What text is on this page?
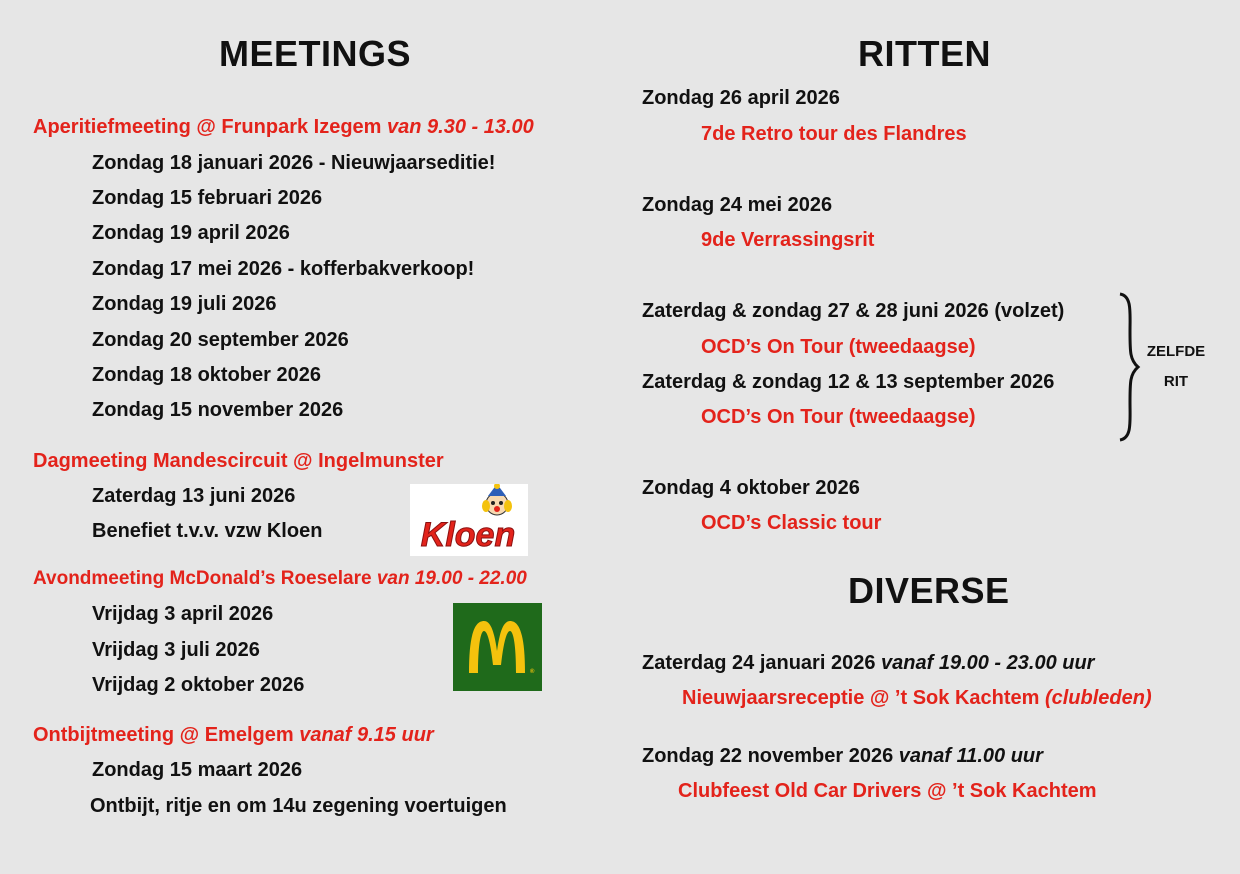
MEETINGS
Aperitiefmeeting @ Frunpark Izegem van 9.30 - 13.00
Zondag 18 januari 2026 - Nieuwjaarseditie!
Zondag 15 februari 2026
Zondag 19 april 2026
Zondag 17 mei 2026 - kofferbakverkoop!
Zondag 19 juli 2026
Zondag 20 september 2026
Zondag 18 oktober 2026
Zondag 15 november 2026
Dagmeeting Mandescircuit @ Ingelmunster
Zaterdag 13 juni 2026
Benefiet t.v.v. vzw Kloen	Kloen
Avondmeeting McDonald’s Roeselare van 19.00 - 22.00
Vrijdag 3 april 2026
Vrijdag 3 juli 2026
Vrijdag 2 oktober 2026
®
Ontbijtmeeting @ Emelgem vanaf 9.15 uur
Zondag 15 maart 2026
Ontbijt, ritje en om 14u zegening voertuigen
RITTEN
Zondag 26 april 2026
7de Retro tour des Flandres
Zondag 24 mei 2026
9de Verrassingsrit
Zaterdag & zondag 27 & 28 juni 2026 (volzet)
OCD’s On Tour (tweedaagse)
Zaterdag & zondag 12 & 13 september 2026
OCD’s On Tour (tweedaagse)
ZELFDE
RIT
Zondag 4 oktober 2026
OCD’s Classic tour
DIVERSE
Zaterdag 24 januari 2026 vanaf 19.00 - 23.00 uur
Nieuwjaarsreceptie @ ’t Sok Kachtem (clubleden)
Zondag 22 november 2026 vanaf 11.00 uur
Clubfeest Old Car Drivers @ ’t Sok Kachtem
